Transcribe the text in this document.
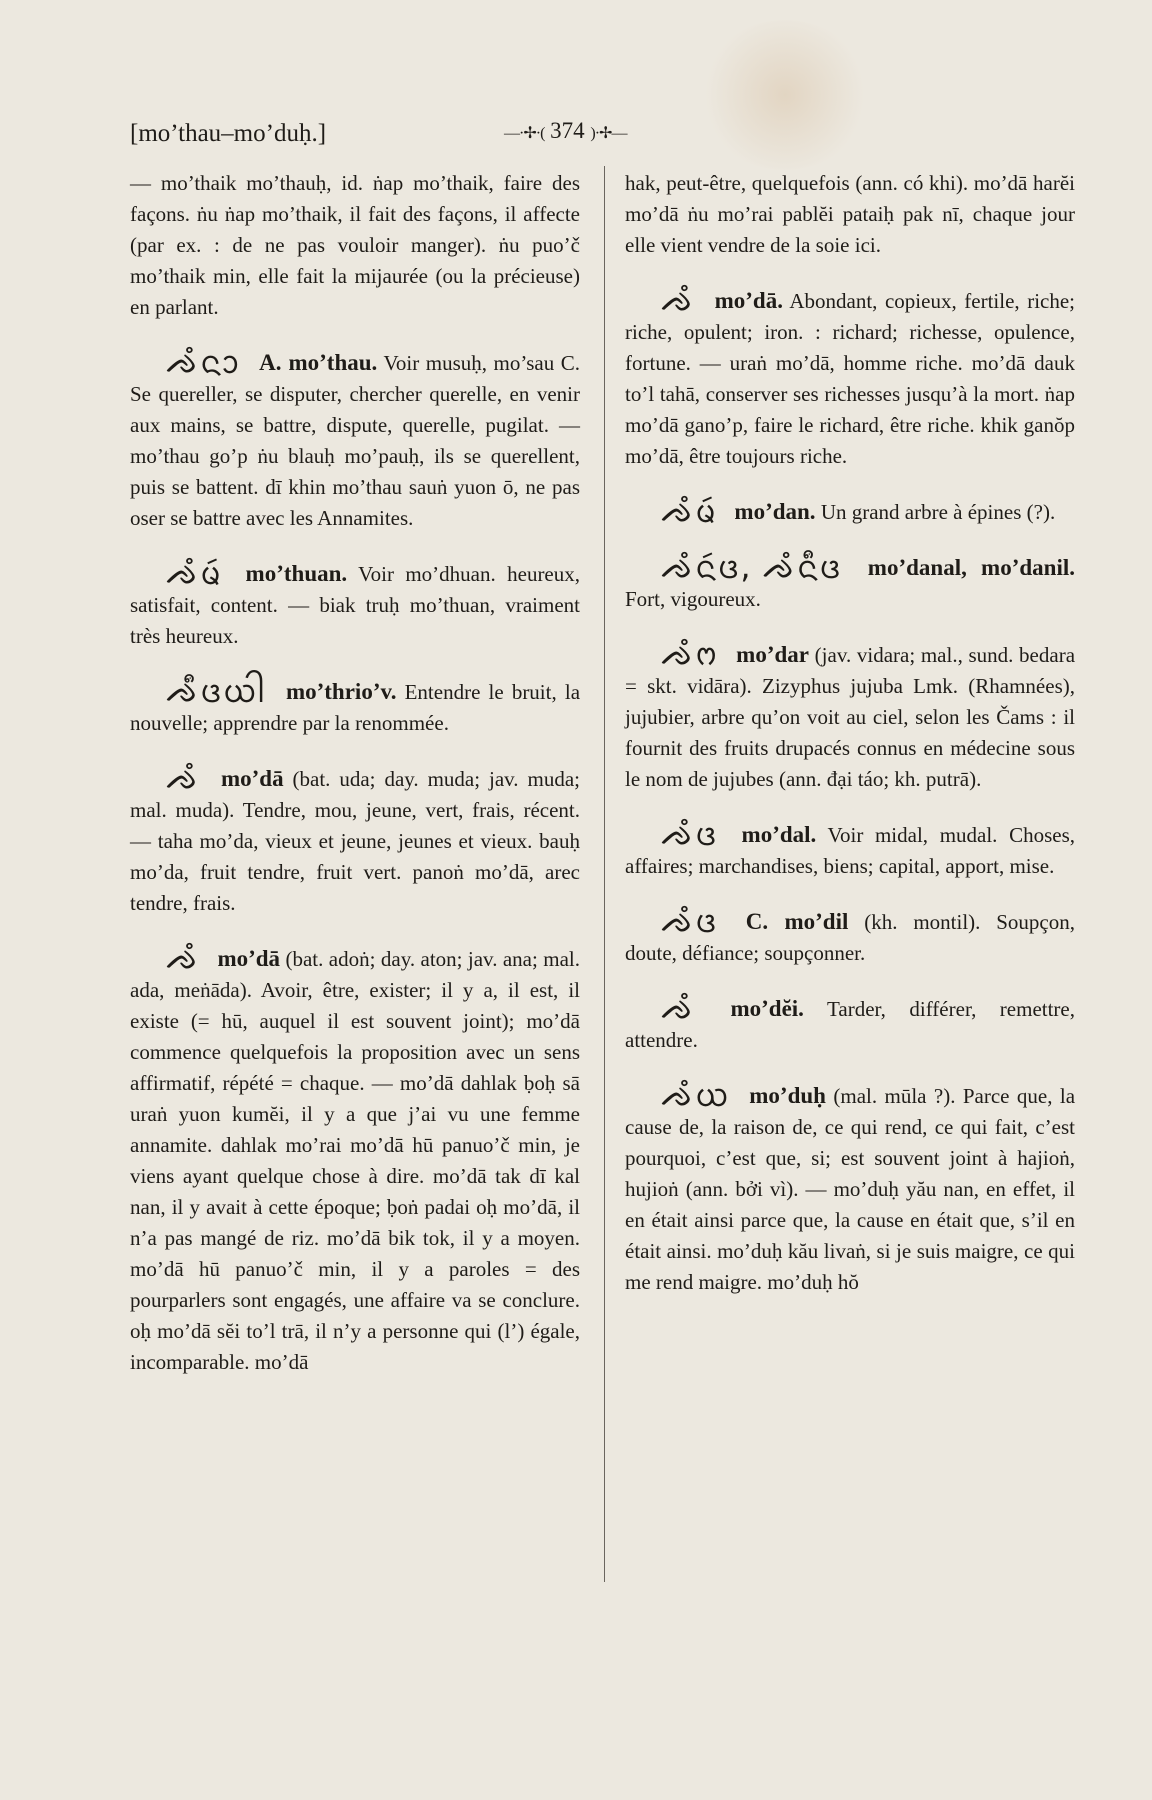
[mo’thau–mo’duḥ.]	—·✢·( 374 )·✢—

— mo’thaik mo’thauḥ, id. ṅap mo’thaik, faire des façons. ṅu ṅap mo’thaik, il fait des façons, il affecte (par ex. : de ne pas vouloir manger). ṅu puo’č mo’thaik min, elle fait la mijaurée (ou la précieuse) en parlant.

ᨌᩴᨶᩣ A. mo’thau. Voir musuḥ, mo’sau C. Se quereller, se disputer, chercher querelle, en venir aux mains, se battre, dispute, querelle, pugilat. — mo’thau go’p ṅu blauḥ mo’pauḥ, ils se querellent, puis se battent. dī khin mo’thau sauṅ yuon ō, ne pas oser se battre avec les Annamites.

ᨌᩴᨾᩢ mo’thuan. Voir mo’dhuan. heureux, satisfait, content. — biak truḥ mo’thuan, vraiment très heureux.

ᨌᩧᨴᨿᩤ mo’thrio’v. Entendre le bruit, la nouvelle; apprendre par la renommée.

ᨌᩴ mo’dā (bat. uda; day. muda; jav. muda; mal. muda). Tendre, mou, jeune, vert, frais, récent. — taha mo’da, vieux et jeune, jeunes et vieux. bauḥ mo’da, fruit tendre, fruit vert. panoṅ mo’dā, arec tendre, frais.

ᨌᩴ mo’dā (bat. adoṅ; day. aton; jav. ana; mal. ada, meṅāda). Avoir, être, exister; il y a, il est, il existe (= hū, auquel il est souvent joint); mo’dā commence quelquefois la proposition avec un sens affirmatif, répété = chaque. — mo’dā dahlak ḅoḥ sā uraṅ yuon kumĕi, il y a que j’ai vu une femme annamite. dahlak mo’rai mo’dā hū panuo’č min, je viens ayant quelque chose à dire. mo’dā tak dī kal nan, il y avait à cette époque; ḅoṅ padai oḥ mo’dā, il n’a pas mangé de riz. mo’dā bik tok, il y a moyen. mo’dā hū panuo’č min, il y a paroles = des pourparlers sont engagés, une affaire va se conclure. oḥ mo’dā sĕi to’l trā, il n’y a personne qui (l’) égale, incomparable. mo’dā

hak, peut-être, quelquefois (ann. có khi). mo’dā harĕi mo’dā ṅu mo’rai pablĕi pataiḥ pak nī, chaque jour elle vient vendre de la soie ici.

ᨌᩴ mo’dā. Abondant, copieux, fertile, riche; riche, opulent; iron. : richard; richesse, opulence, fortune. — uraṅ mo’dā, homme riche. mo’dā dauk to’l tahā, conserver ses richesses jusqu’à la mort. ṅap mo’dā gano’p, faire le richard, être riche. khik ganŏp mo’dā, être toujours riche.

ᨌᩴᨾᩢ mo’dan. Un grand arbre à épines (?).

ᨌᩴᨶᩢᨴ, ᨌᩴᨶᩧᨴ mo’danal, mo’danil. Fort, vigoureux.

ᨌᩴᨻ mo’dar (jav. vidara; mal., sund. bedara = skt. vidāra). Zizyphus jujuba Lmk. (Rhamnées), jujubier, arbre qu’on voit au ciel, selon les Čams : il fournit des fruits drupacés connus en médecine sous le nom de jujubes (ann. đại táo; kh. putrā).

ᨌᩴᨴ mo’dal. Voir midal, mudal. Choses, affaires; marchandises, biens; capital, apport, mise.

ᨌᩴᨴ C. mo’dil (kh. montil). Soupçon, doute, défiance; soupçonner.

ᨌᩴ mo’dĕi. Tarder, différer, remettre, attendre.

ᨌᩴᨿ mo’duḥ (mal. mūla ?). Parce que, la cause de, la raison de, ce qui rend, ce qui fait, c’est pourquoi, c’est que, si; est souvent joint à hajioṅ, hujioṅ (ann. bởi vì). — mo’duḥ yău nan, en effet, il en était ainsi parce que, la cause en était que, s’il en était ainsi. mo’duḥ kău livaṅ, si je suis maigre, ce qui me rend maigre. mo’duḥ hŏ
